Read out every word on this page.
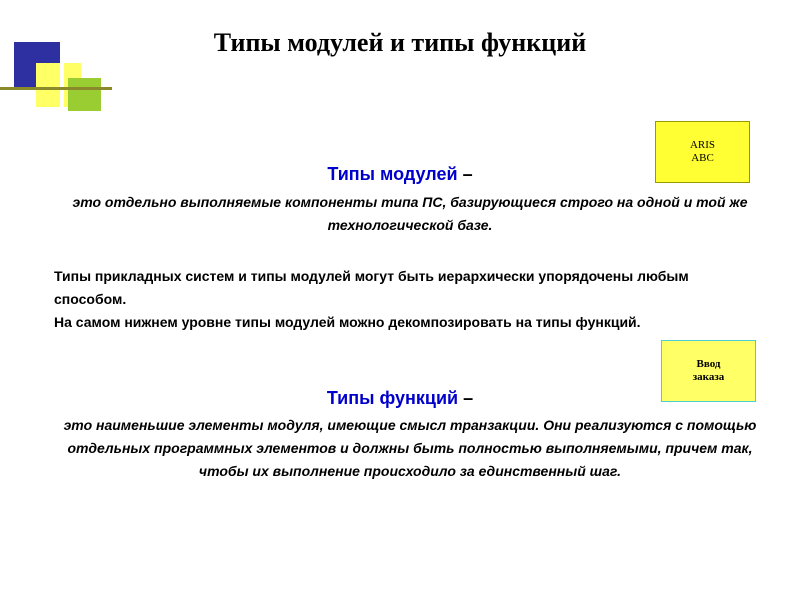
Типы модулей и типы функций
ARIS
ABC
Типы модулей –
это отдельно выполняемые компоненты типа ПС, базирующиеся строго на одной и той же технологической базе.
Типы прикладных систем и типы модулей могут быть иерархически упорядочены любым способом.
На самом нижнем уровне типы модулей можно декомпозировать на типы функций.
Ввод
заказа
Типы функций –
это наименьшие элементы модуля, имеющие смысл транзакции. Они реализуются с помощью отдельных программных элементов и должны быть полностью выполняемыми, причем так, чтобы их выполнение происходило за единственный шаг.
